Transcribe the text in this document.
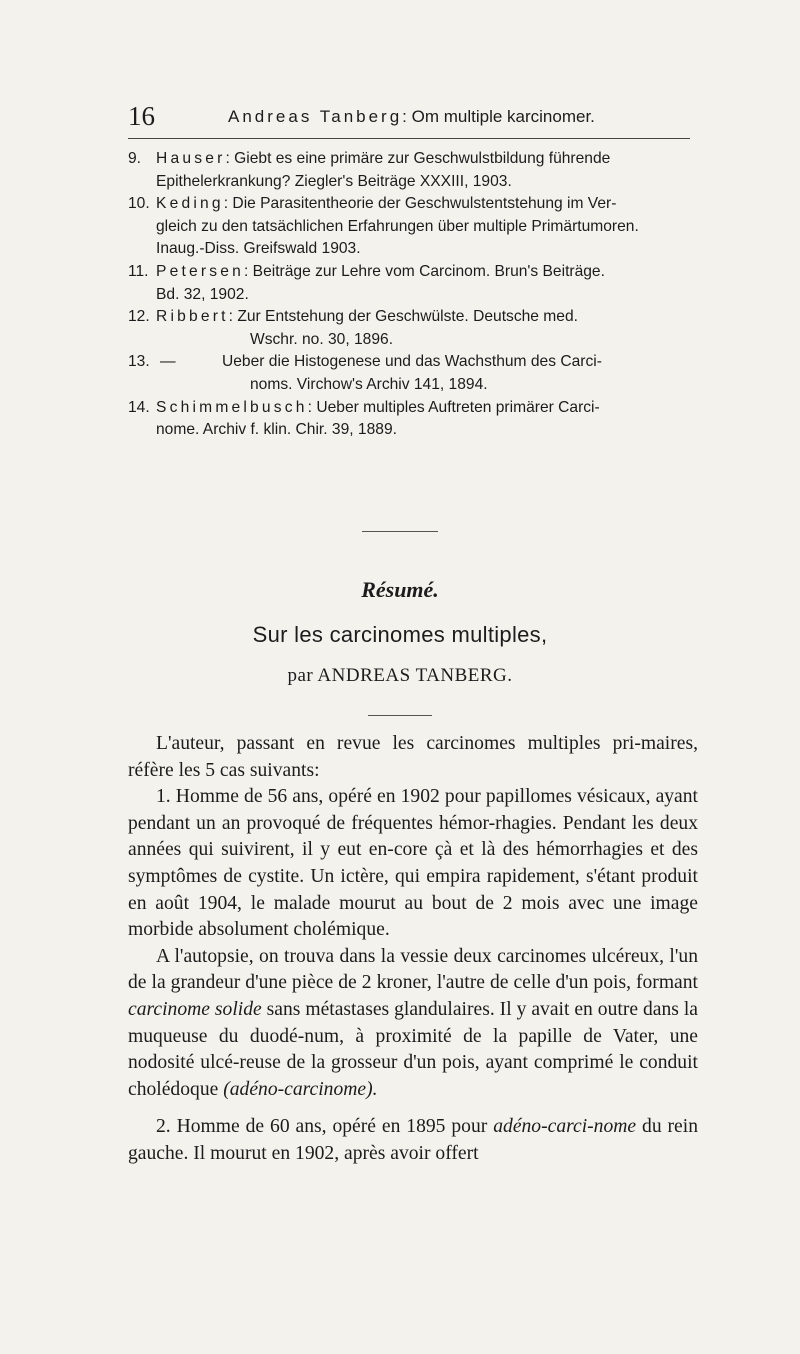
16	Andreas Tanberg: Om multiple karcinomer.

9. Hauser: Giebt es eine primäre zur Geschwulstbildung führende
Epithelerkrankung? Ziegler's Beiträge XXXIII, 1903.

10. Keding: Die Parasitentheorie der Geschwulstentstehung im Ver-
gleich zu den tatsächlichen Erfahrungen über multiple Primärtumoren.
Inaug.-Diss. Greifswald 1903.

11. Petersen: Beiträge zur Lehre vom Carcinom. Brun's Beiträge.
Bd. 32, 1902.

12. Ribbert: Zur Entstehung der Geschwülste. Deutsche med.
Wschr. no. 30, 1896.

13. —	Ueber die Histogenese und das Wachsthum des Carci-
noms. Virchow's Archiv 141, 1894.

14. Schimmelbusch: Ueber multiples Auftreten primärer Carci-
nome. Archiv f. klin. Chir. 39, 1889.

Résumé.
Sur les carcinomes multiples,
par ANDREAS TANBERG.

L'auteur, passant en revue les carcinomes multiples pri-maires, réfère les 5 cas suivants:

1. Homme de 56 ans, opéré en 1902 pour papillomes vésicaux, ayant pendant un an provoqué de fréquentes hémor-rhagies. Pendant les deux années qui suivirent, il y eut en-core çà et là des hémorrhagies et des symptômes de cystite. Un ictère, qui empira rapidement, s'étant produit en août 1904, le malade mourut au bout de 2 mois avec une image morbide absolument cholémique.

A l'autopsie, on trouva dans la vessie deux carcinomes ulcéreux, l'un de la grandeur d'une pièce de 2 kroner, l'autre de celle d'un pois, formant carcinome solide sans métastases glandulaires. Il y avait en outre dans la muqueuse du duodé-num, à proximité de la papille de Vater, une nodosité ulcé-reuse de la grosseur d'un pois, ayant comprimé le conduit cholédoque (adéno-carcinome).

2. Homme de 60 ans, opéré en 1895 pour adéno-carci-nome du rein gauche. Il mourut en 1902, après avoir offert
